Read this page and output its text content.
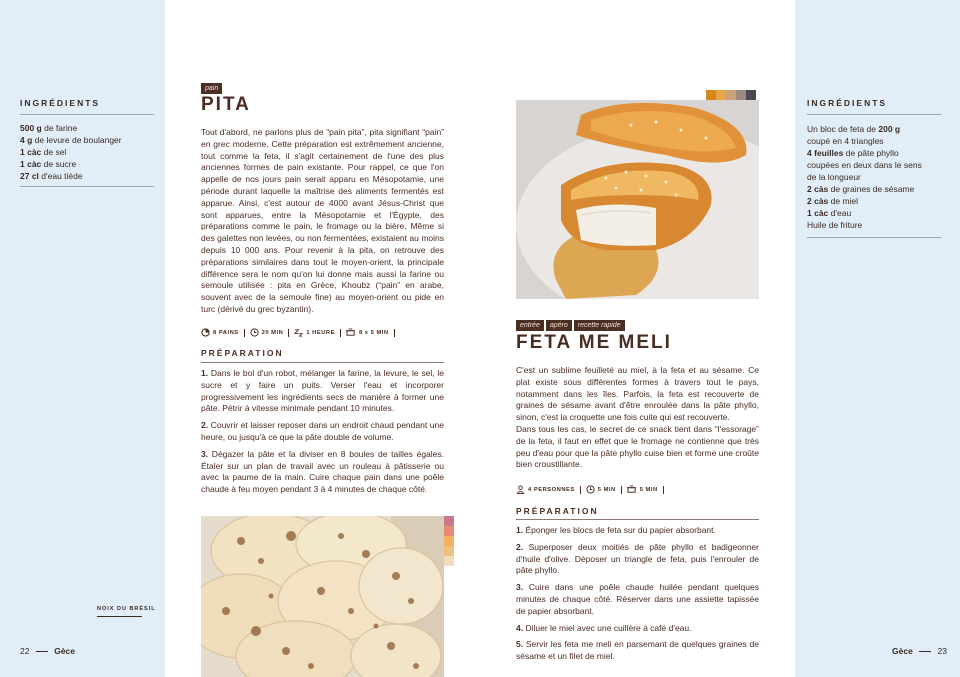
INGRÉDIENTS
500 g de farine
4 g de levure de boulanger
1 càc de sel
1 càc de sucre
27 cl d'eau tiède
NOIX DU BRÉSIL
22	Gèce
INGRÉDIENTS
Un bloc de feta de 200 g
coupé en 4 triangles
4 feuilles de pâte phyllo
coupées en deux dans le sens
de la longueur
2 càs de graines de sésame
2 càs de miel
1 càc d'eau
Huile de friture
Gèce	23
pain
PITA
Tout d'abord, ne parlons plus de “pain pita”, pita signifiant “pain” en grec moderne. Cette préparation est extrêmement ancienne, tout comme la feta, il s'agit certainement de l'une des plus anciennes formes de pain existante. Pour rappel, ce que l'on appelle de nos jours pain serait apparu en Mésopotamie, une période durant laquelle la maîtrise des aliments fermentés est apparue. Ainsi, c'est autour de 4000 avant Jésus-Christ que sont apparues, entre la Mésopotamie et l'Égypte, des préparations comme le pain, le fromage ou la bière. Même si des galettes non levées, ou non fermentées, existaient au moins depuis 10 000 ans. Pour revenir à la pita, on retrouve des préparations similaires dans tout le moyen-orient, la principale différence sera le nom qu'on lui donne mais aussi la farine ou semoule utilisée : pita en Grèce, Khoubz (“pain” en arabe, souvent avec de la semoule fine) au moyen-orient ou pide en turc (dérivé du grec byzantin).
8 PAINS	20 MIN	1 HEURE	8 x 5 MIN
PRÉPARATION
1. Dans le bol d'un robot, mélanger la farine, la levure, le sel, le sucre et y faire un puits. Verser l'eau et incorporer progressivement les ingrédients secs de manière à former une pâte. Pétrir à vitesse minimale pendant 10 minutes.
2. Couvrir et laisser reposer dans un endroit chaud pendant une heure, ou jusqu'à ce que la pâte double de volume.
3. Dégazer la pâte et la diviser en 8 boules de tailles égales. Étaler sur un plan de travail avec un rouleau à pâtisserie ou avec la paume de la main. Cuire chaque pain dans une poêle chaude à feu moyen pendant 3 à 4 minutes de chaque côté.
entrée apéro recette rapide
FETA ME MELI
C'est un sublime feuilleté au miel, à la feta et au sésame. Ce plat existe sous différentes formes à travers tout le pays, notamment dans les îles. Parfois, la feta est recouverte de graines de sésame avant d'être enroulée dans la pâte phyllo, sinon, c'est la croquette une fois cuite qui est recouverte.
Dans tous les cas, le secret de ce snack tient dans “l'essorage” de la feta, il faut en effet que le fromage ne contienne que très peu d'eau pour que la pâte phyllo cuise bien et forme une croûte bien croustillante.
4 PERSONNES	5 MIN	5 MIN
PRÉPARATION
1. Éponger les blocs de feta sur du papier absorbant.
2. Superposer deux moitiés de pâte phyllo et badigeonner d'huile d'olive. Déposer un triangle de feta, puis l'enrouler de pâte phyllo.
3. Cuire dans une poêle chaude huilée pendant quelques minutes de chaque côté. Réserver dans une assiette tapissée de papier absorbant.
4. Diluer le miel avec une cuillère à café d'eau.
5. Servir les feta me meli en parsemant de quelques graines de sésame et un filet de miel.
